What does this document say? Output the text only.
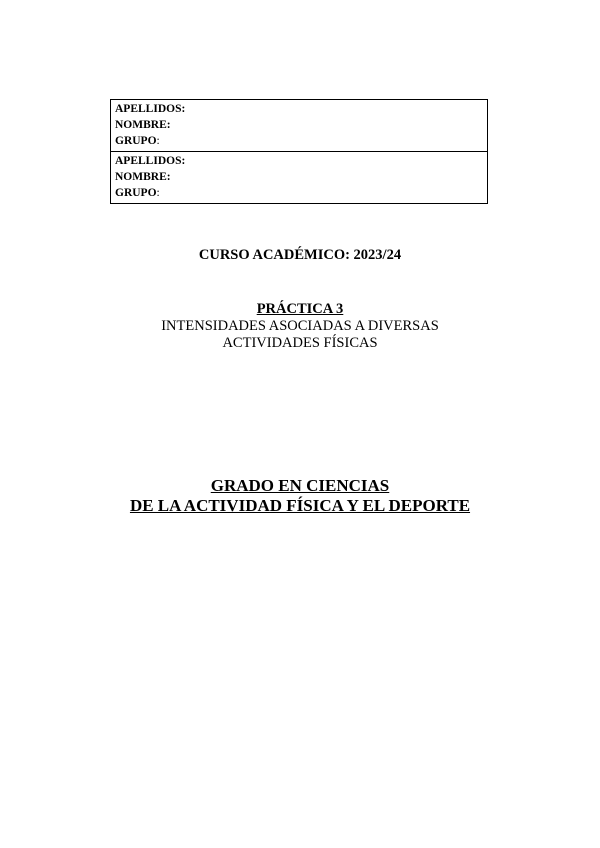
APELLIDOS:
NOMBRE:
GRUPO:
APELLIDOS:
NOMBRE:
GRUPO:
CURSO ACADÉMICO: 2023/24
PRÁCTICA 3
INTENSIDADES ASOCIADAS A DIVERSAS
ACTIVIDADES FÍSICAS
GRADO EN CIENCIAS
DE LA ACTIVIDAD FÍSICA Y EL DEPORTE
